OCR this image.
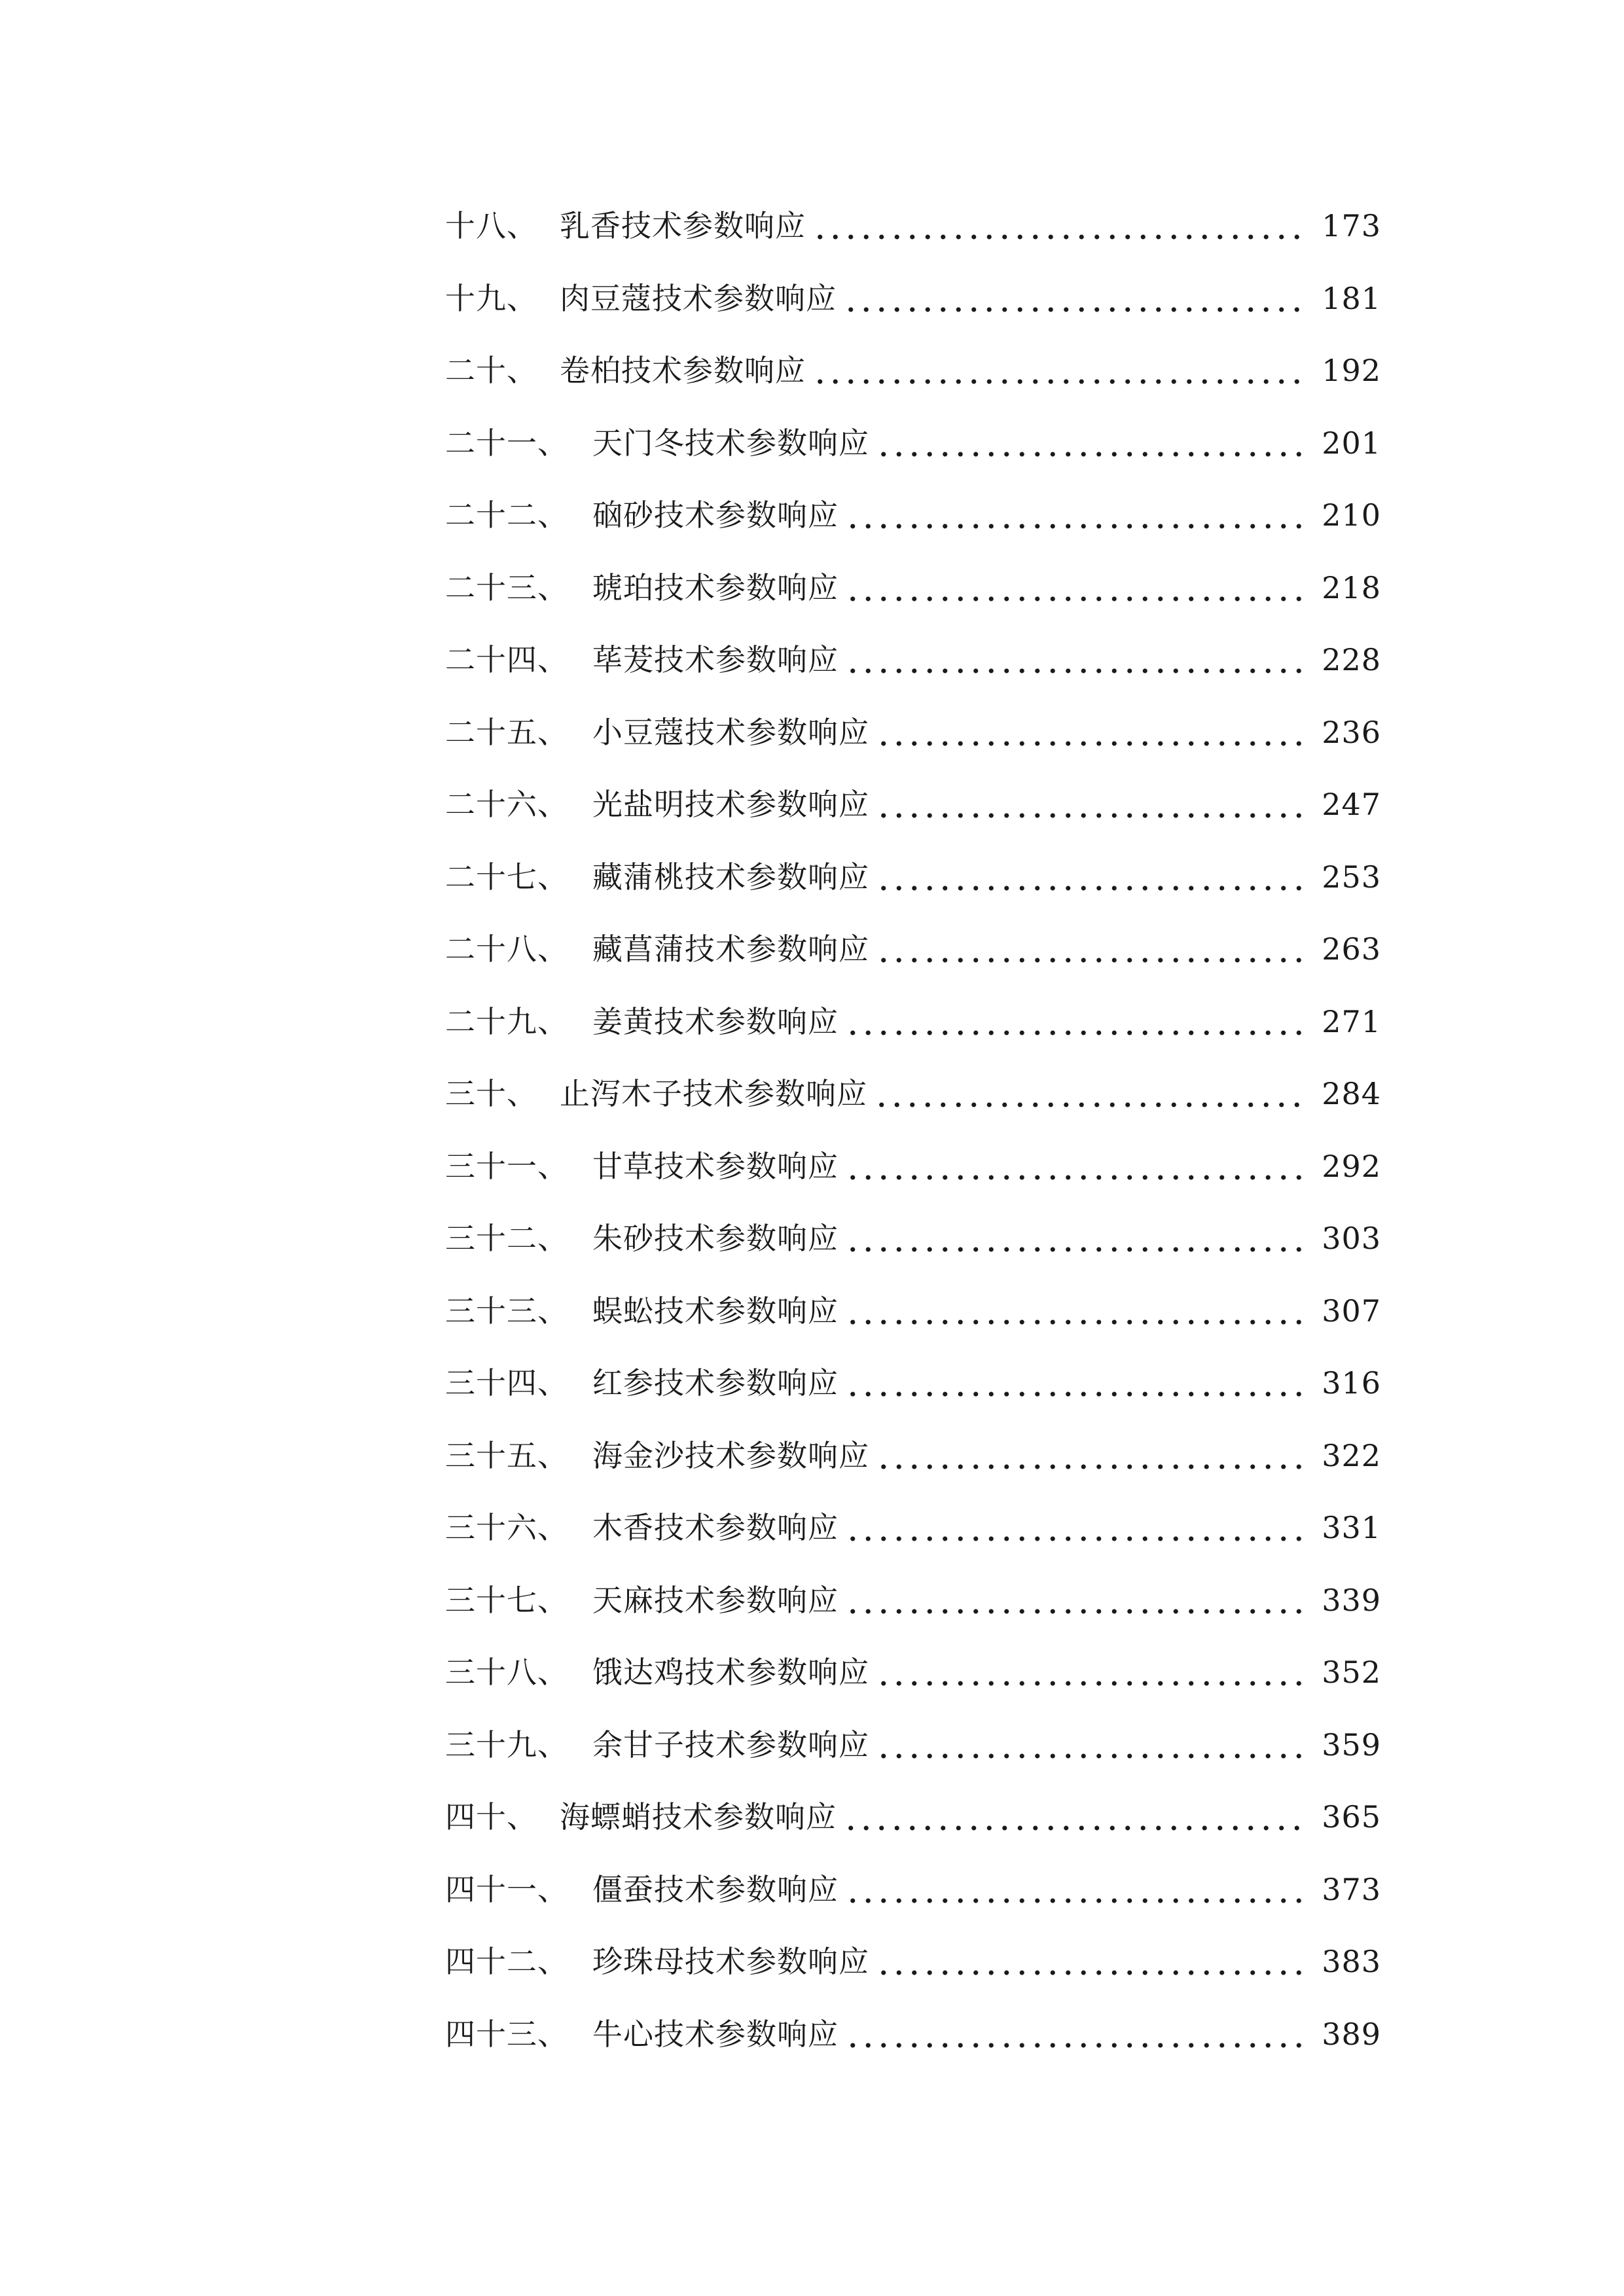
十八、 乳香技术参数响应	173
十九、 肉豆蔻技术参数响应	181
二十、 卷柏技术参数响应	192
二十一、 天门冬技术参数响应	201
二十二、 硇砂技术参数响应	210
二十三、 琥珀技术参数响应	218
二十四、 荜茇技术参数响应	228
二十五、 小豆蔻技术参数响应	236
二十六、 光盐明技术参数响应	247
二十七、 藏蒲桃技术参数响应	253
二十八、 藏菖蒲技术参数响应	263
二十九、 姜黄技术参数响应	271
三十、 止泻木子技术参数响应	284
三十一、 甘草技术参数响应	292
三十二、 朱砂技术参数响应	303
三十三、 蜈蚣技术参数响应	307
三十四、 红参技术参数响应	316
三十五、 海金沙技术参数响应	322
三十六、 木香技术参数响应	331
三十七、 天麻技术参数响应	339
三十八、 饿达鸡技术参数响应	352
三十九、 余甘子技术参数响应	359
四十、 海螵蛸技术参数响应	365
四十一、 僵蚕技术参数响应	373
四十二、 珍珠母技术参数响应	383
四十三、 牛心技术参数响应	389
